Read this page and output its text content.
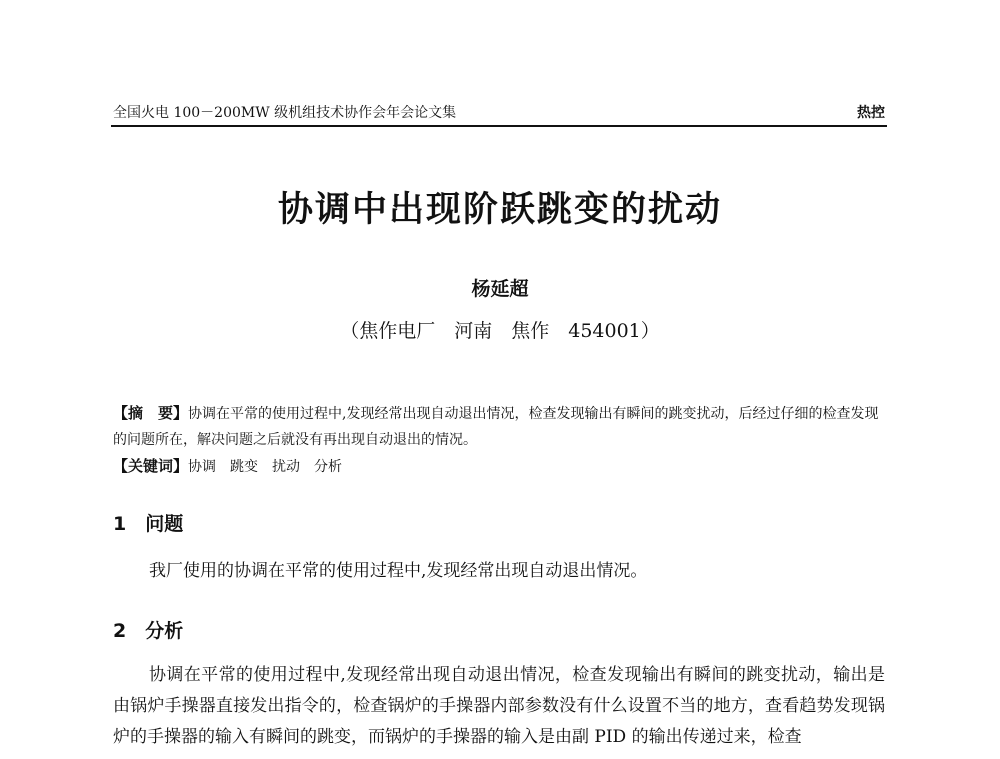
全国火电 100－200MW 级机组技术协作会年会论文集	热控
协调中出现阶跃跳变的扰动
杨延超
（焦作电厂　河南　焦作　454001）
【摘　要】协调在平常的使用过程中,发现经常出现自动退出情况，检查发现输出有瞬间的跳变扰动，后经过仔细的检查发现的问题所在，解决问题之后就没有再出现自动退出的情况。
【关键词】协调　跳变　扰动　分析
1　问题
我厂使用的协调在平常的使用过程中,发现经常出现自动退出情况。
2　分析
协调在平常的使用过程中,发现经常出现自动退出情况，检查发现输出有瞬间的跳变扰动，输出是由锅炉手操器直接发出指令的，检查锅炉的手操器内部参数没有什么设置不当的地方，查看趋势发现锅炉的手操器的输入有瞬间的跳变，而锅炉的手操器的输入是由副 PID 的输出传递过来，检查
